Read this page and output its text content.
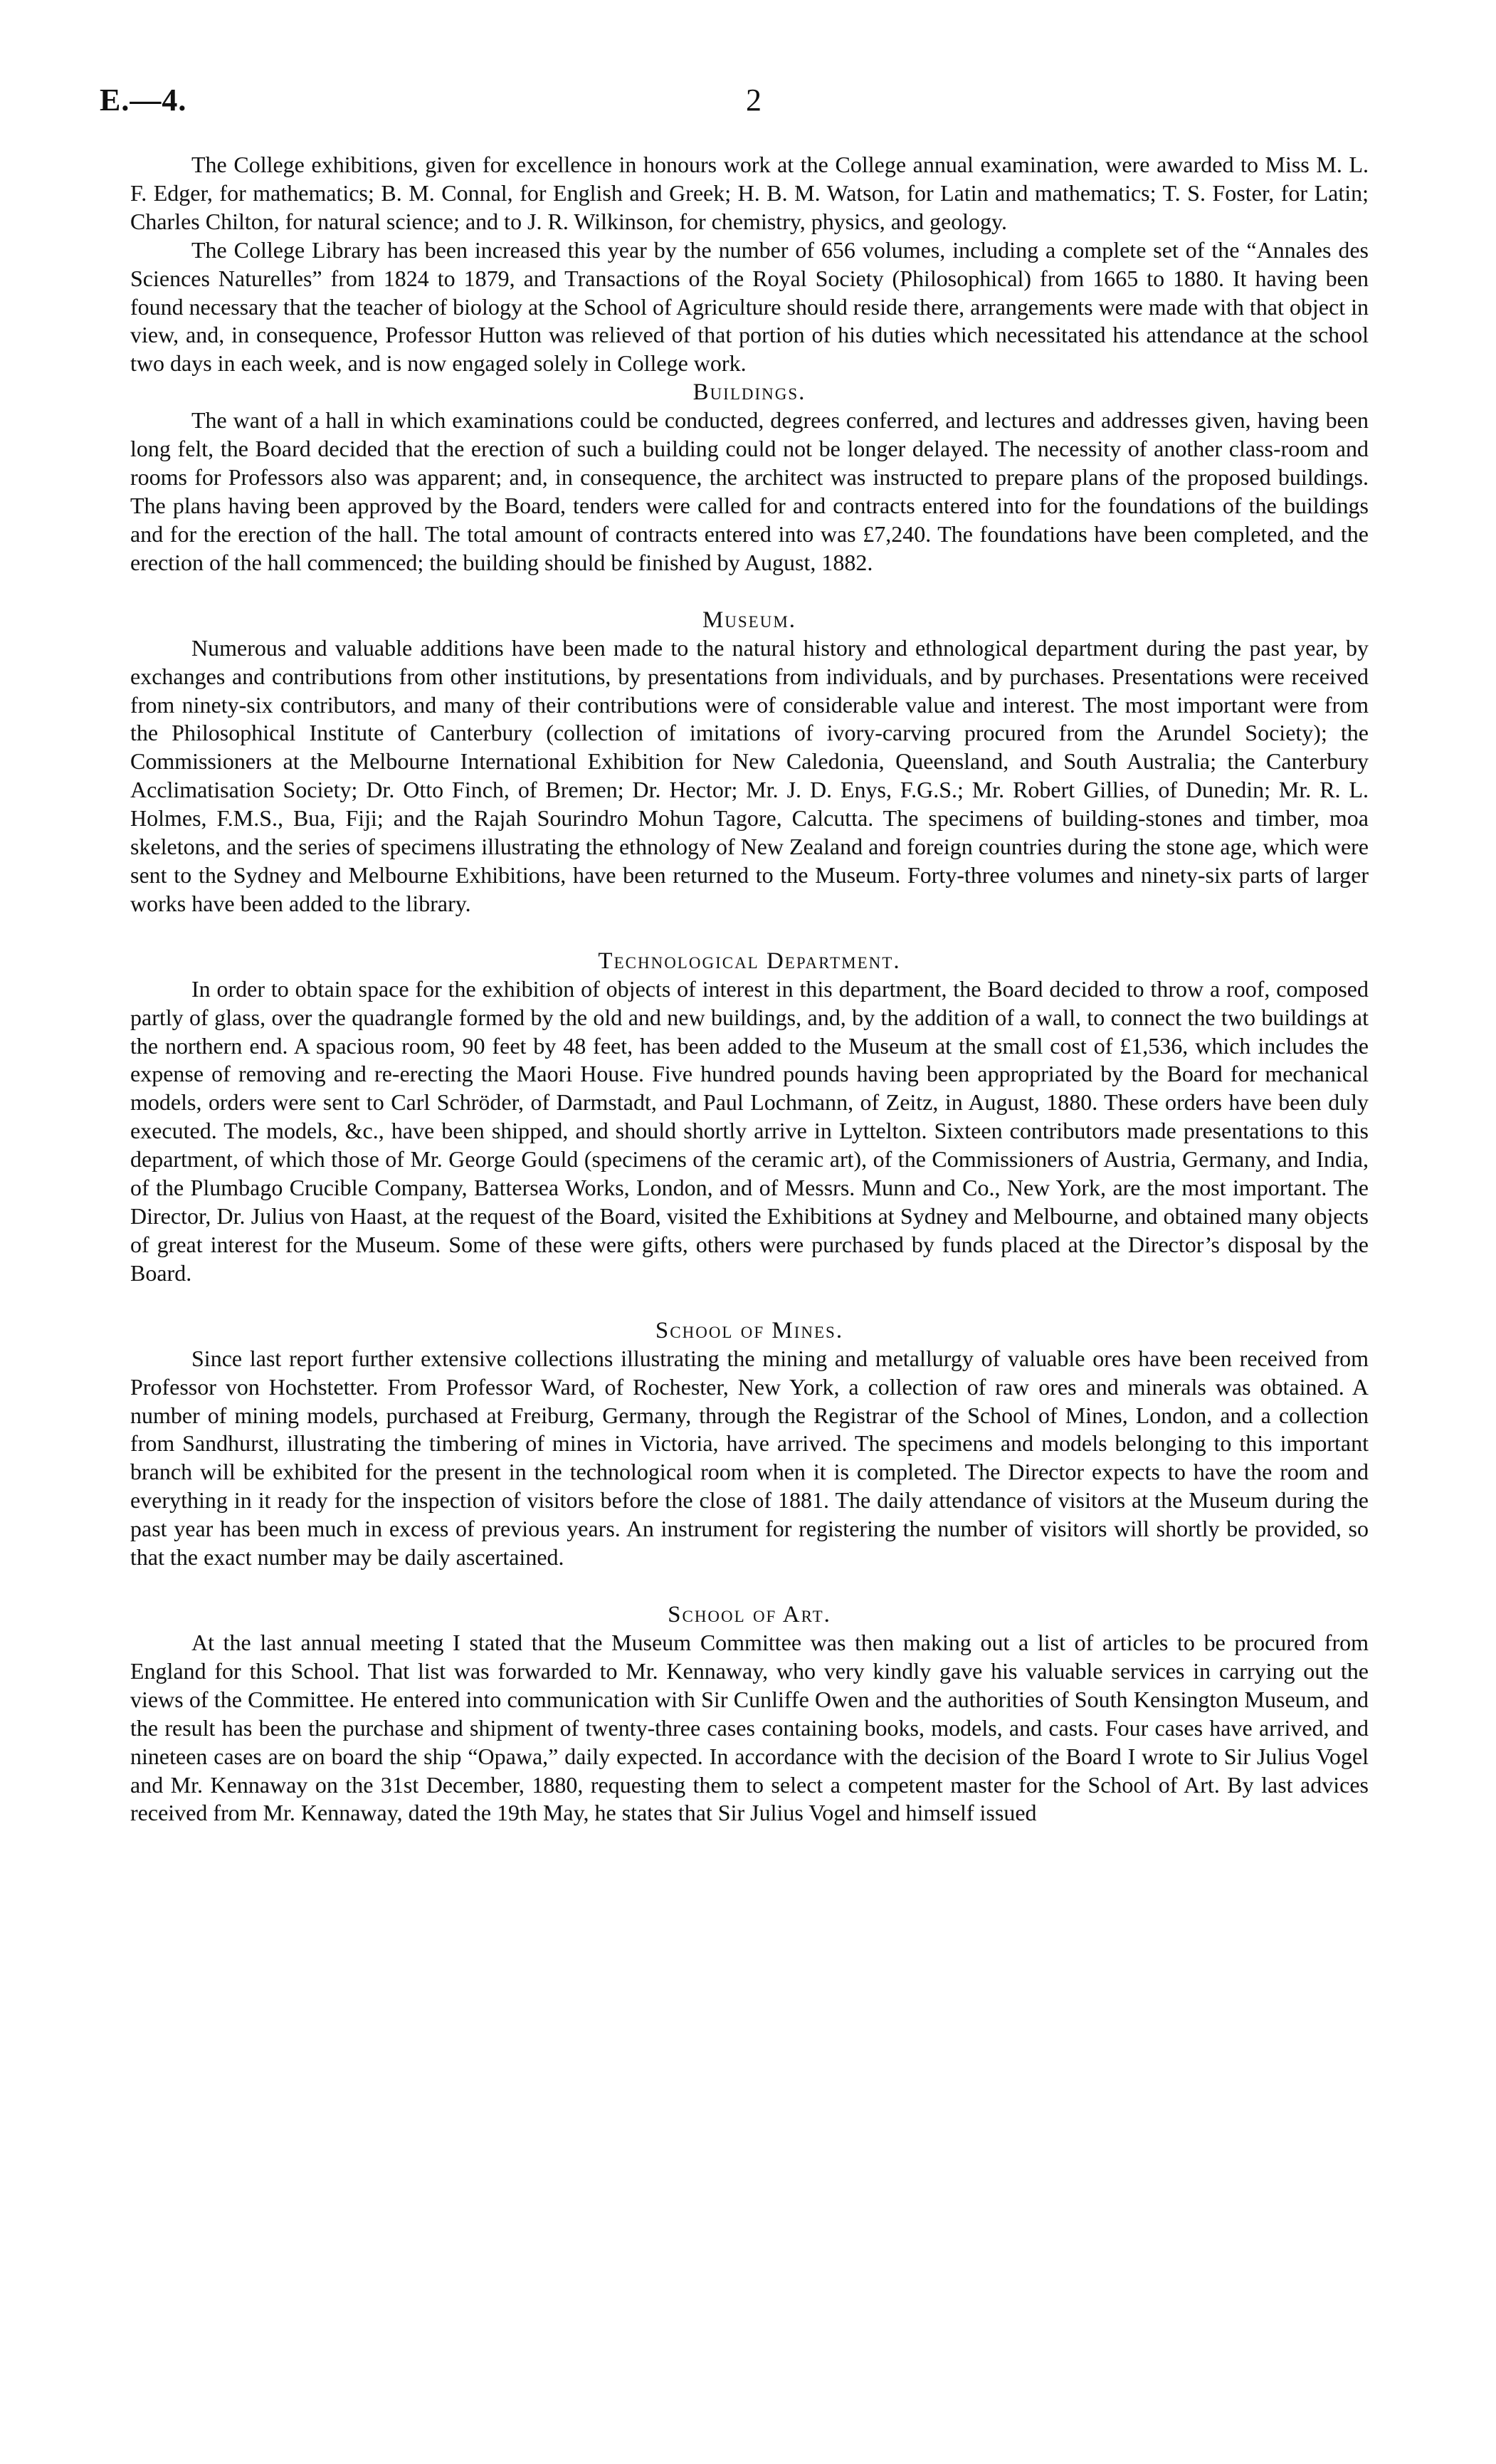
E.—4.	2

The College exhibitions, given for excellence in honours work at the College annual examination, were awarded to Miss M. L. F. Edger, for mathematics; B. M. Connal, for English and Greek; H. B. M. Watson, for Latin and mathematics; T. S. Foster, for Latin; Charles Chilton, for natural science; and to J. R. Wilkinson, for chemistry, physics, and geology.

The College Library has been increased this year by the number of 656 volumes, including a complete set of the “Annales des Sciences Naturelles” from 1824 to 1879, and Transactions of the Royal Society (Philosophical) from 1665 to 1880. It having been found necessary that the teacher of biology at the School of Agriculture should reside there, arrangements were made with that object in view, and, in consequence, Professor Hutton was relieved of that portion of his duties which necessitated his attendance at the school two days in each week, and is now engaged solely in College work.

Buildings.

The want of a hall in which examinations could be conducted, degrees conferred, and lectures and addresses given, having been long felt, the Board decided that the erection of such a building could not be longer delayed. The necessity of another class-room and rooms for Professors also was apparent; and, in consequence, the architect was instructed to prepare plans of the proposed buildings. The plans having been approved by the Board, tenders were called for and contracts entered into for the foundations of the buildings and for the erection of the hall. The total amount of contracts entered into was £7,240. The foundations have been completed, and the erection of the hall commenced; the building should be finished by August, 1882.

Museum.

Numerous and valuable additions have been made to the natural history and ethnological department during the past year, by exchanges and contributions from other institutions, by presentations from individuals, and by purchases. Presentations were received from ninety-six contributors, and many of their contributions were of considerable value and interest. The most important were from the Philosophical Institute of Canterbury (collection of imitations of ivory-carving procured from the Arundel Society); the Commissioners at the Melbourne International Exhibition for New Caledonia, Queensland, and South Australia; the Canterbury Acclimatisation Society; Dr. Otto Finch, of Bremen; Dr. Hector; Mr. J. D. Enys, F.G.S.; Mr. Robert Gillies, of Dunedin; Mr. R. L. Holmes, F.M.S., Bua, Fiji; and the Rajah Sourindro Mohun Tagore, Calcutta. The specimens of building-stones and timber, moa skeletons, and the series of specimens illustrating the ethnology of New Zealand and foreign countries during the stone age, which were sent to the Sydney and Melbourne Exhibitions, have been returned to the Museum. Forty-three volumes and ninety-six parts of larger works have been added to the library.

Technological Department.

In order to obtain space for the exhibition of objects of interest in this department, the Board decided to throw a roof, composed partly of glass, over the quadrangle formed by the old and new buildings, and, by the addition of a wall, to connect the two buildings at the northern end. A spacious room, 90 feet by 48 feet, has been added to the Museum at the small cost of £1,536, which includes the expense of removing and re-erecting the Maori House. Five hundred pounds having been appropriated by the Board for mechanical models, orders were sent to Carl Schröder, of Darmstadt, and Paul Lochmann, of Zeitz, in August, 1880. These orders have been duly executed. The models, &c., have been shipped, and should shortly arrive in Lyttelton. Sixteen contributors made presentations to this department, of which those of Mr. George Gould (specimens of the ceramic art), of the Commissioners of Austria, Germany, and India, of the Plumbago Crucible Company, Battersea Works, London, and of Messrs. Munn and Co., New York, are the most important. The Director, Dr. Julius von Haast, at the request of the Board, visited the Exhibitions at Sydney and Melbourne, and obtained many objects of great interest for the Museum. Some of these were gifts, others were purchased by funds placed at the Director’s disposal by the Board.

School of Mines.

Since last report further extensive collections illustrating the mining and metallurgy of valuable ores have been received from Professor von Hochstetter. From Professor Ward, of Rochester, New York, a collection of raw ores and minerals was obtained. A number of mining models, purchased at Freiburg, Germany, through the Registrar of the School of Mines, London, and a collection from Sandhurst, illustrating the timbering of mines in Victoria, have arrived. The specimens and models belonging to this important branch will be exhibited for the present in the technological room when it is completed. The Director expects to have the room and everything in it ready for the inspection of visitors before the close of 1881. The daily attendance of visitors at the Museum during the past year has been much in excess of previous years. An instrument for registering the number of visitors will shortly be provided, so that the exact number may be daily ascertained.

School of Art.

At the last annual meeting I stated that the Museum Committee was then making out a list of articles to be procured from England for this School. That list was forwarded to Mr. Kennaway, who very kindly gave his valuable services in carrying out the views of the Committee. He entered into communication with Sir Cunliffe Owen and the authorities of South Kensington Museum, and the result has been the purchase and shipment of twenty-three cases containing books, models, and casts. Four cases have arrived, and nineteen cases are on board the ship “Opawa,” daily expected. In accordance with the decision of the Board I wrote to Sir Julius Vogel and Mr. Kennaway on the 31st December, 1880, requesting them to select a competent master for the School of Art. By last advices received from Mr. Kennaway, dated the 19th May, he states that Sir Julius Vogel and himself issued
